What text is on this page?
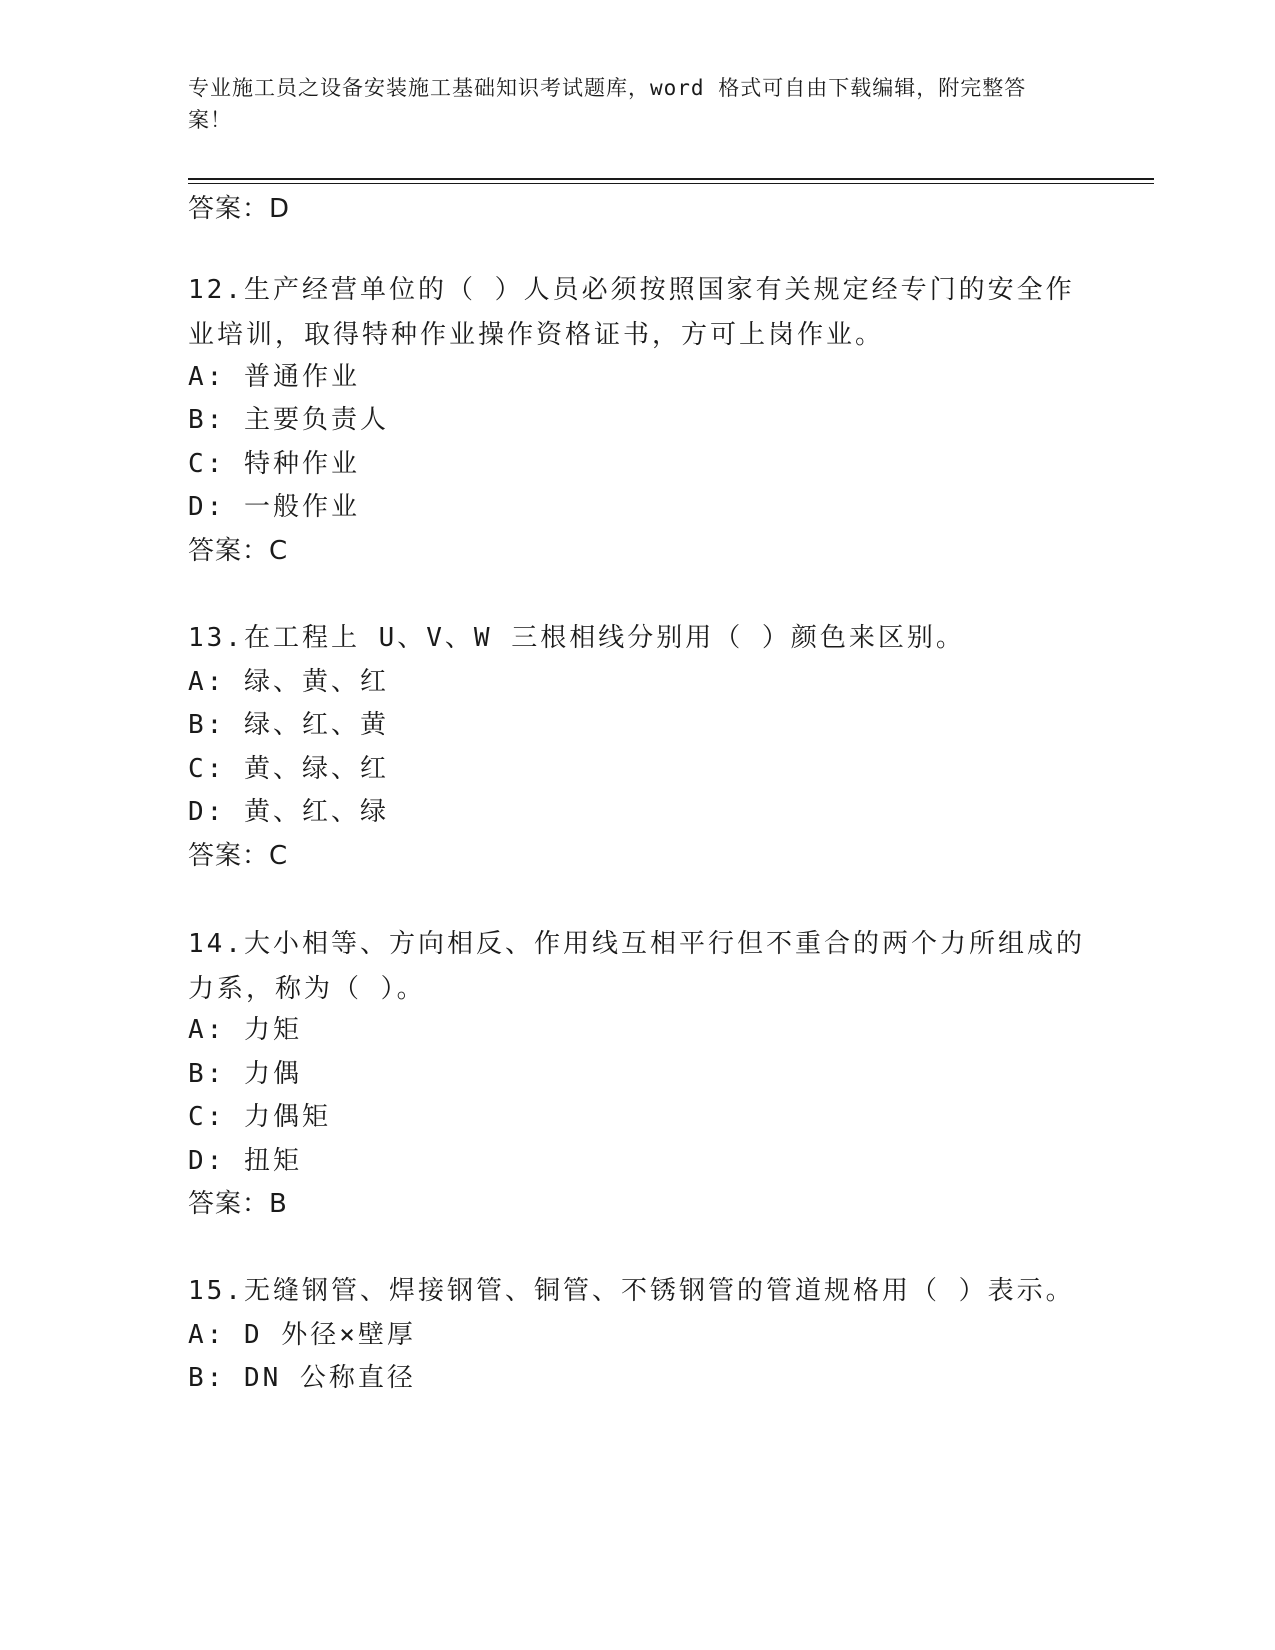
专业施工员之设备安装施工基础知识考试题库，word 格式可自由下载编辑，附完整答案！
答案：D
12.生产经营单位的（ ）人员必须按照国家有关规定经专门的安全作业培训，取得特种作业操作资格证书，方可上岗作业。
A: 普通作业
B: 主要负责人
C: 特种作业
D: 一般作业
答案：C
13.在工程上 U、V、W 三根相线分别用（ ）颜色来区别。
A: 绿、黄、红
B: 绿、红、黄
C: 黄、绿、红
D: 黄、红、绿
答案：C
14.大小相等、方向相反、作用线互相平行但不重合的两个力所组成的力系，称为（ ）。
A: 力矩
B: 力偶
C: 力偶矩
D: 扭矩
答案：B
15.无缝钢管、焊接钢管、铜管、不锈钢管的管道规格用（ ）表示。
A: D 外径×壁厚
B: DN 公称直径
